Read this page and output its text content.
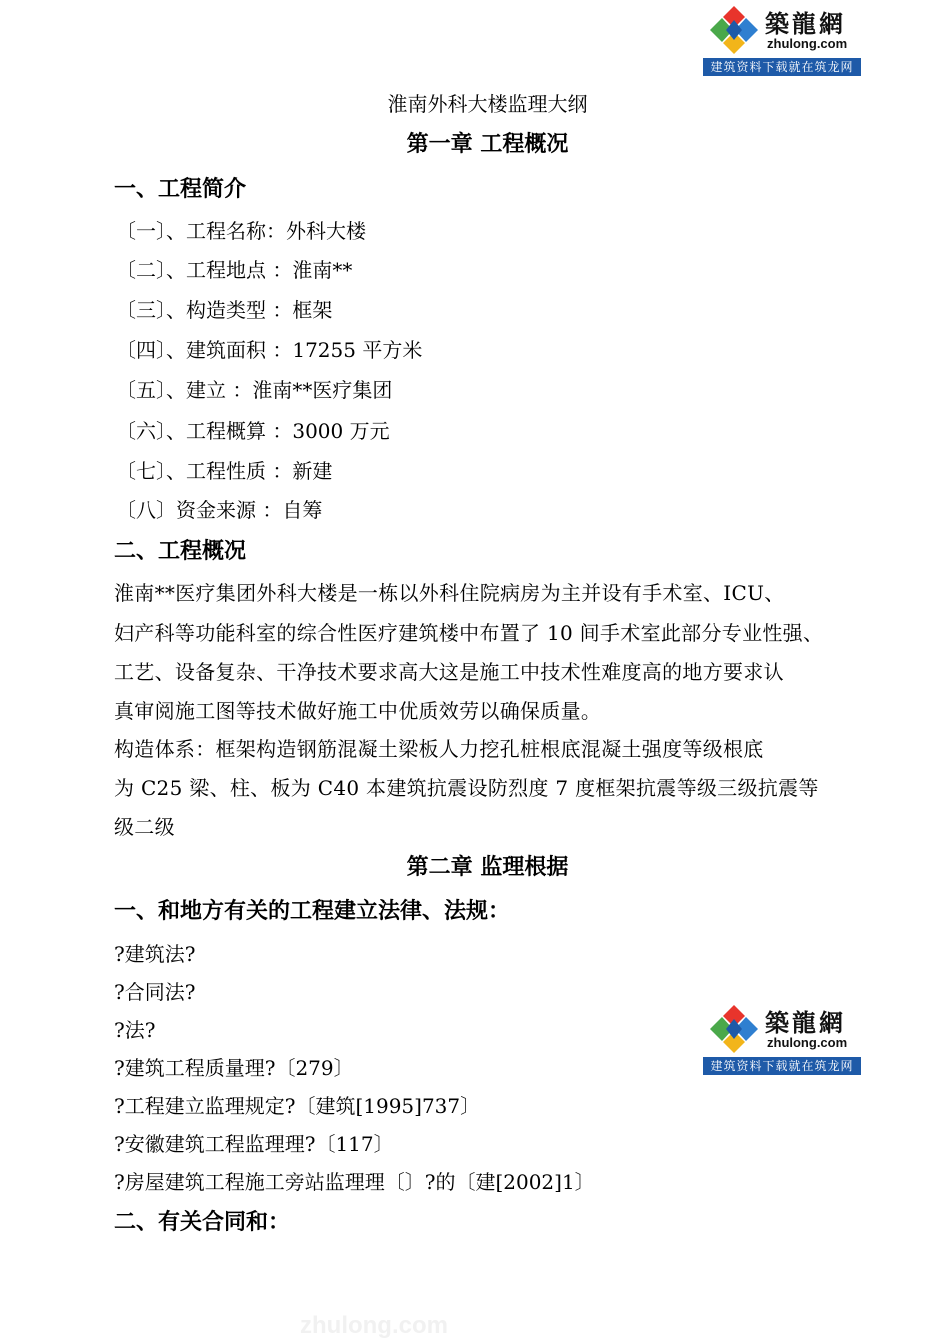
築龍網
zhulong.com
建筑资料下载就在筑龙网
淮南外科大楼监理大纲
第一章 工程概况
一、工程简介
〔一〕、工程名称：外科大楼
〔二〕、工程地点 ：淮南**
〔三〕、构造类型 ：框架
〔四〕、建筑面积 ：17255 平方米
〔五〕、建立 ：淮南**医疗集团
〔六〕、工程概算 ：3000 万元
〔七〕、工程性质 ：新建
〔八〕资金来源 ：自筹
二、工程概况
淮南**医疗集团外科大楼是一栋以外科住院病房为主并设有手术室、ICU、
妇产科等功能科室的综合性医疗建筑楼中布置了 10 间手术室此部分专业性强、
工艺、设备复杂、干净技术要求高大这是施工中技术性难度高的地方要求认
真审阅施工图等技术做好施工中优质效劳以确保质量。
构造体系：框架构造钢筋混凝土梁板人力挖孔桩根底混凝土强度等级根底
为 C25 梁、柱、板为 C40 本建筑抗震设防烈度 7 度框架抗震等级三级抗震等
级二级
第二章 监理根据
一、和地方有关的工程建立法律、法规：
?建筑法?
?合同法?
?法?
?建筑工程质量理?〔279〕
?工程建立监理规定?〔建筑[1995]737〕
?安徽建筑工程监理理?〔117〕
?房屋建筑工程施工旁站监理理〔〕?的〔建[2002]1〕
二、有关合同和：
築龍網
zhulong.com
建筑资料下载就在筑龙网
zhulong.com
